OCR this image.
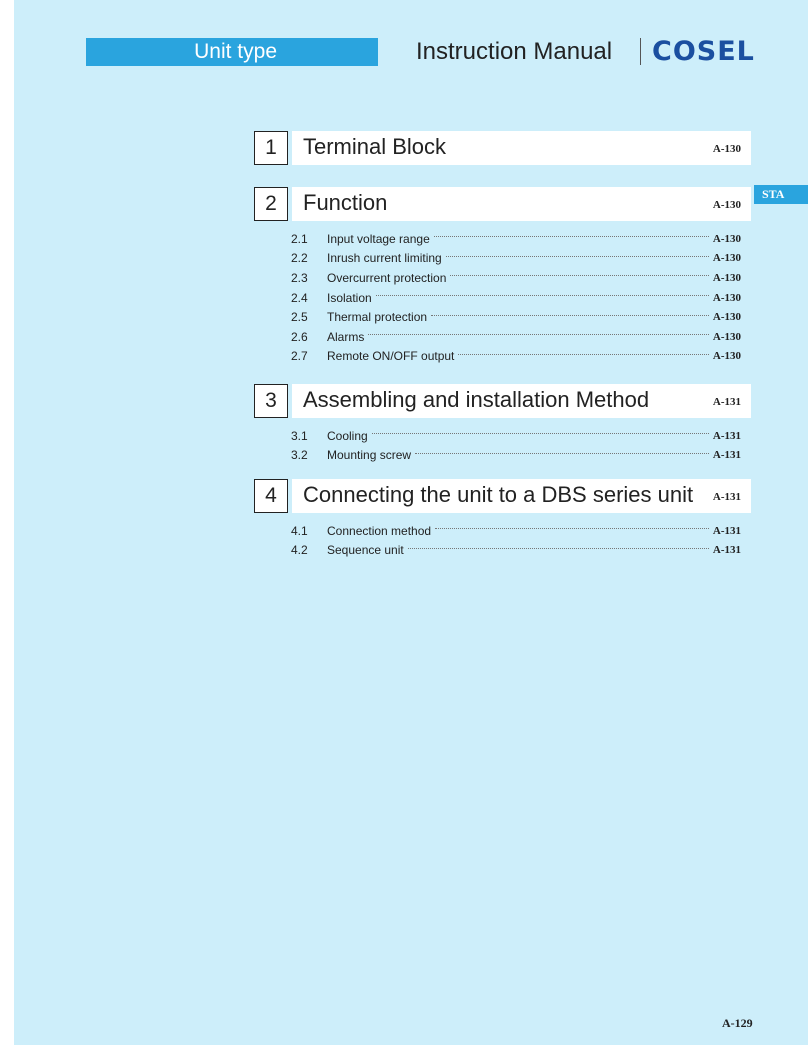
Unit type	Instruction Manual COSEL
STA
1	Terminal Block	A-130
2	Function	A-130
2.1	Input voltage range	A-130
2.2	Inrush current limiting	A-130
2.3	Overcurrent protection	A-130
2.4	Isolation	A-130
2.5	Thermal protection	A-130
2.6	Alarms	A-130
2.7	Remote ON/OFF output	A-130
3	Assembling and installation Method	A-131
3.1	Cooling	A-131
3.2	Mounting screw	A-131
4	Connecting the unit to a DBS series unit A-131
4.1	Connection method	A-131
4.2	Sequence unit	A-131
A-129
